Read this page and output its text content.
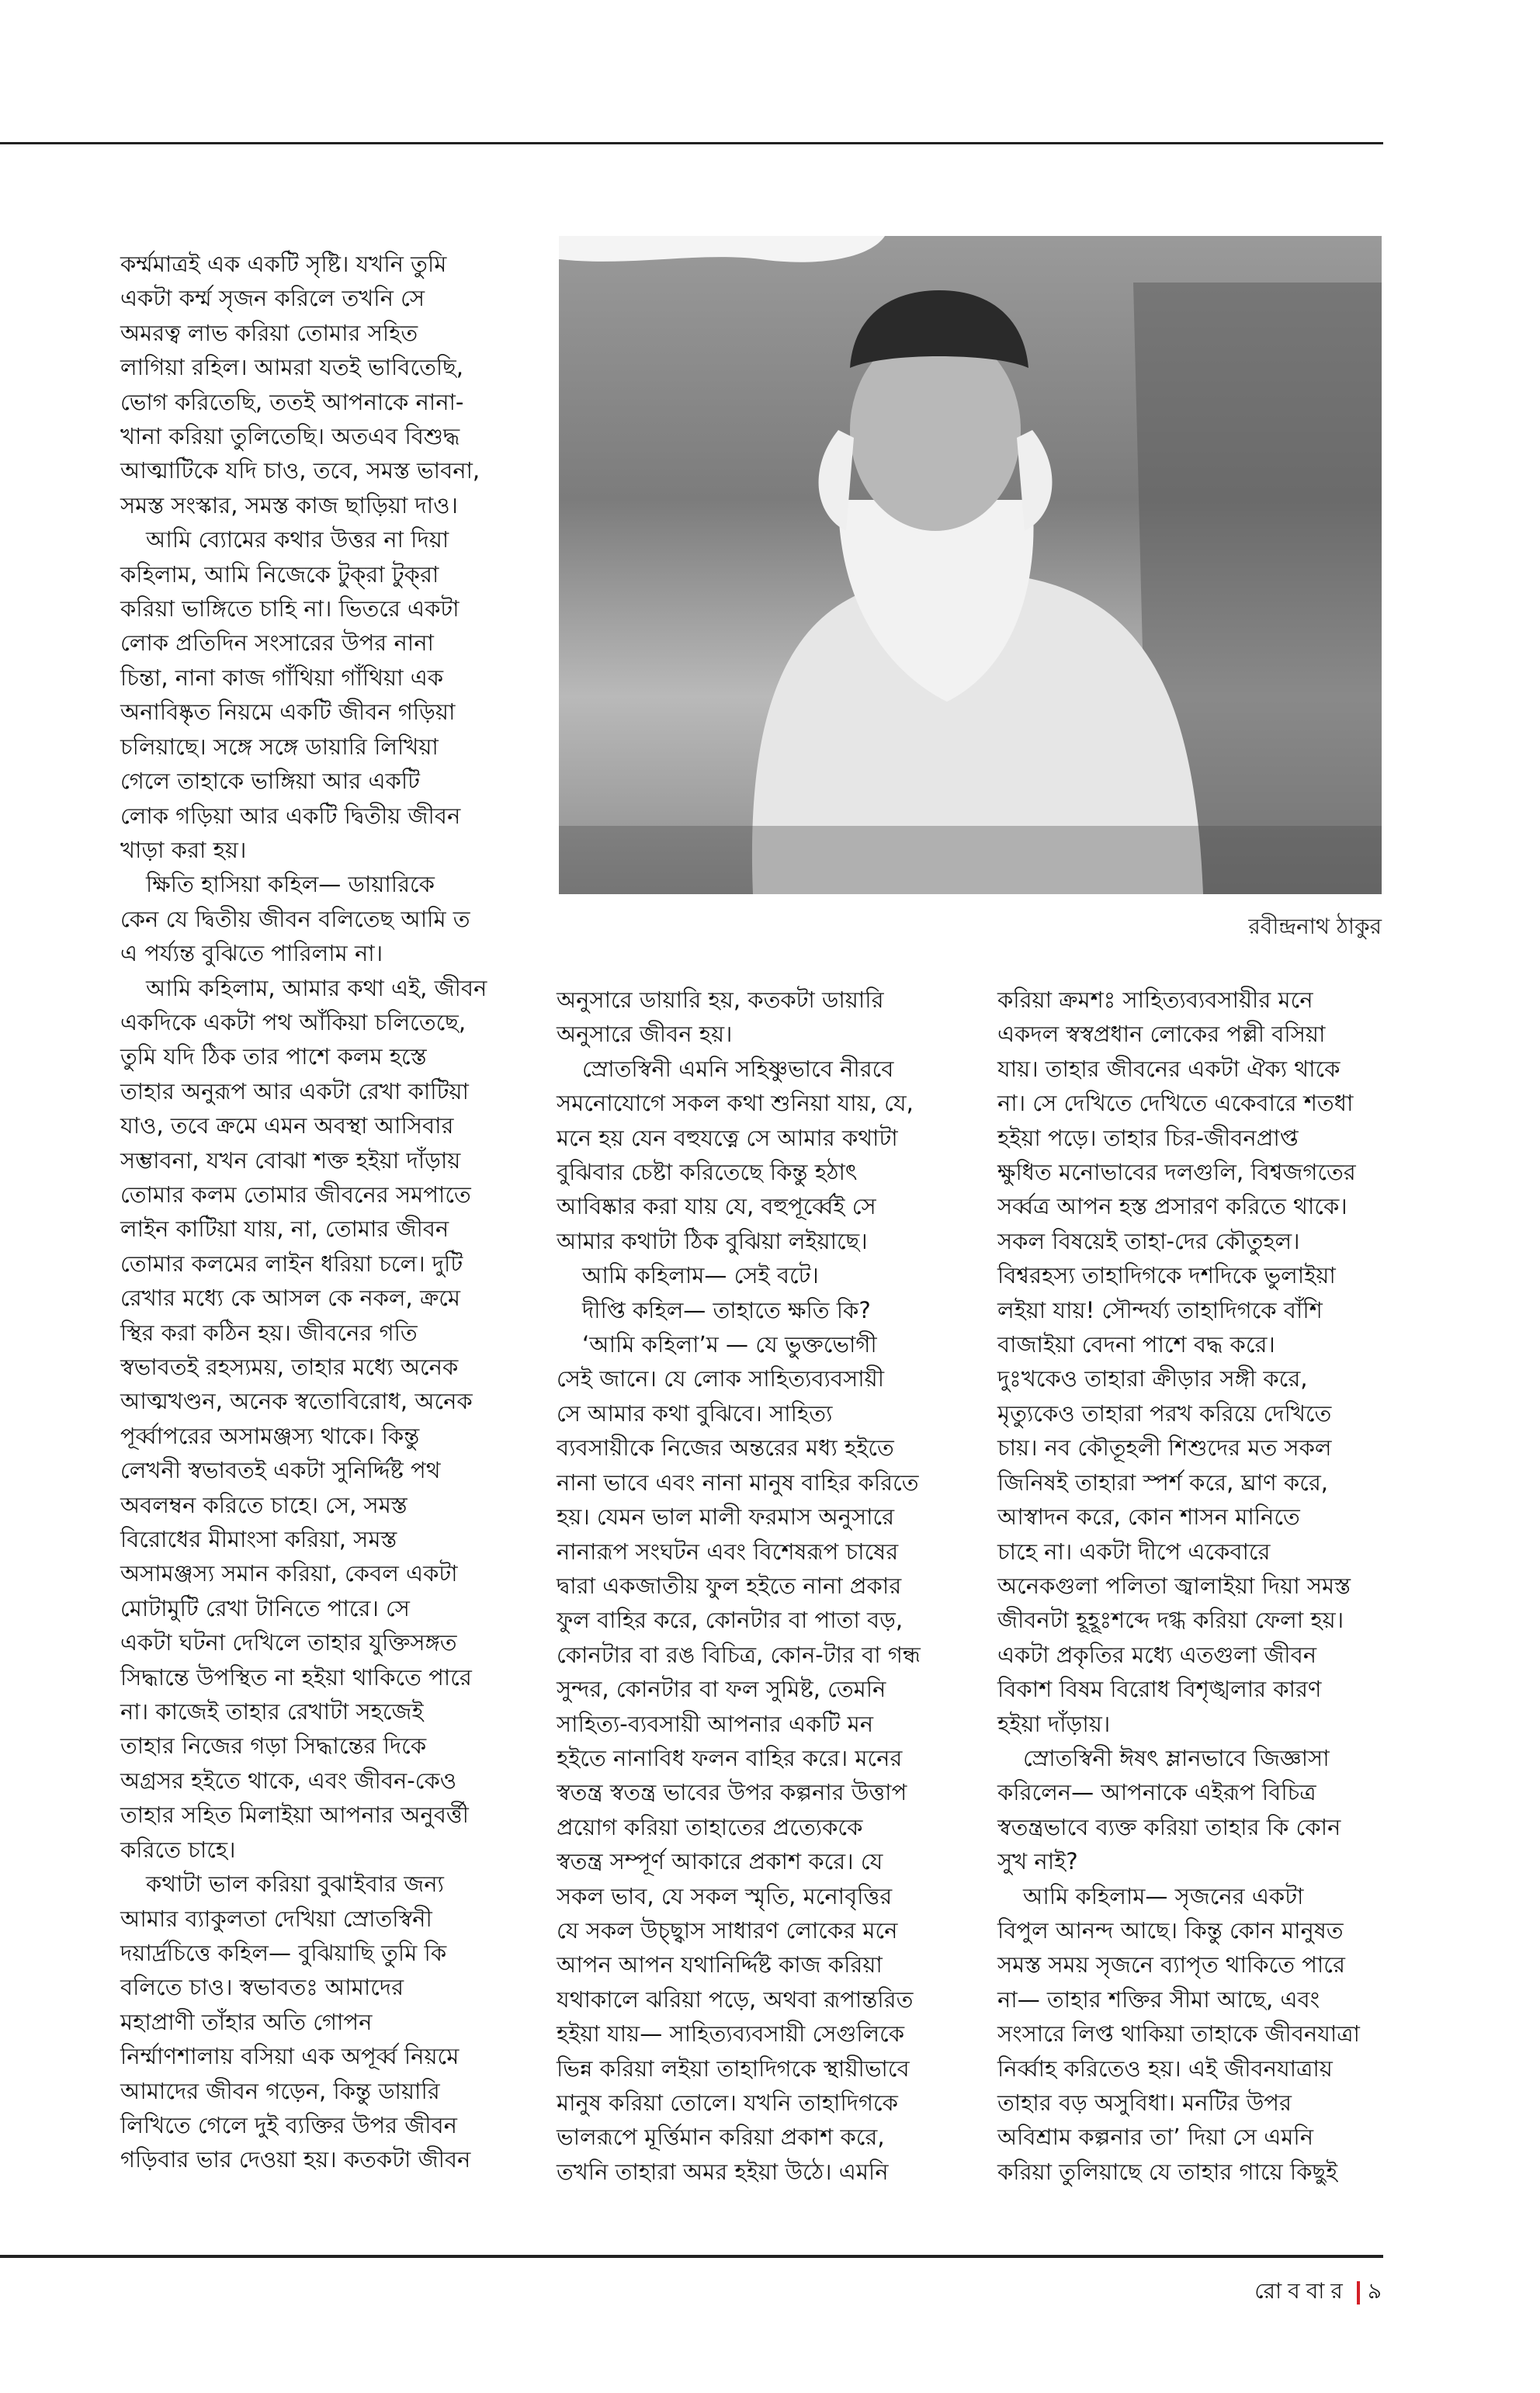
কর্ম্মমাত্রই এক একটি সৃষ্টি। যখনি তুমি
একটা কর্ম্ম সৃজন করিলে তখনি সে
অমরত্ব লাভ করিয়া তোমার সহিত
লাগিয়া রহিল। আমরা যতই ভাবিতেছি,
ভোগ করিতেছি, ততই আপনাকে নানা-
খানা করিয়া তুলিতেছি। অতএব বিশুদ্ধ
আত্মাটিকে যদি চাও, তবে, সমস্ত ভাবনা,
সমস্ত সংস্কার, সমস্ত কাজ ছাড়িয়া দাও।
আমি ব্যোমের কথার উত্তর না দিয়া
কহিলাম, আমি নিজেকে টুক্‌রা টুক্‌রা
করিয়া ভাঙ্গিতে চাহি না। ভিতরে একটা
লোক প্রতিদিন সংসারের উপর নানা
চিন্তা, নানা কাজ গাঁথিয়া গাঁথিয়া এক
অনাবিষ্কৃত নিয়মে একটি জীবন গড়িয়া
চলিয়াছে। সঙ্গে সঙ্গে ডায়ারি লিখিয়া
গেলে তাহাকে ভাঙ্গিয়া আর একটি
লোক গড়িয়া আর একটি দ্বিতীয় জীবন
খাড়া করা হয়।
ক্ষিতি হাসিয়া কহিল— ডায়ারিকে
কেন যে দ্বিতীয় জীবন বলিতেছ আমি ত
এ পর্য্যন্ত বুঝিতে পারিলাম না।
আমি কহিলাম, আমার কথা এই, জীবন
একদিকে একটা পথ আঁকিয়া চলিতেছে,
তুমি যদি ঠিক তার পাশে কলম হস্তে
তাহার অনুরূপ আর একটা রেখা কাটিয়া
যাও, তবে ক্রমে এমন অবস্থা আসিবার
সম্ভাবনা, যখন বোঝা শক্ত হইয়া দাঁড়ায়
তোমার কলম তোমার জীবনের সমপাতে
লাইন কাটিয়া যায়, না, তোমার জীবন
তোমার কলমের লাইন ধরিয়া চলে। দুটি
রেখার মধ্যে কে আসল কে নকল, ক্রমে
স্থির করা কঠিন হয়। জীবনের গতি
স্বভাবতই রহস্যময়, তাহার মধ্যে অনেক
আত্মখণ্ডন, অনেক স্বতোবিরোধ, অনেক
পূর্ব্বাপরের অসামঞ্জস্য থাকে। কিন্তু
লেখনী স্বভাবতই একটা সুনির্দ্দিষ্ট পথ
অবলম্বন করিতে চাহে। সে, সমস্ত
বিরোধের মীমাংসা করিয়া, সমস্ত
অসামঞ্জস্য সমান করিয়া, কেবল একটা
মোটামুটি রেখা টানিতে পারে। সে
একটা ঘটনা দেখিলে তাহার যুক্তিসঙ্গত
সিদ্ধান্তে উপস্থিত না হইয়া থাকিতে পারে
না। কাজেই তাহার রেখাটা সহজেই
তাহার নিজের গড়া সিদ্ধান্তের দিকে
অগ্রসর হইতে থাকে, এবং জীবন-কেও
তাহার সহিত মিলাইয়া আপনার অনুবর্ত্তী
করিতে চাহে।
কথাটা ভাল করিয়া বুঝাইবার জন্য
আমার ব্যাকুলতা দেখিয়া স্রোতস্বিনী
দয়ার্দ্রচিত্তে কহিল— বুঝিয়াছি তুমি কি
বলিতে চাও। স্বভাবতঃ আমাদের
মহাপ্রাণী তাঁহার অতি গোপন
নির্ম্মাণশালায় বসিয়া এক অপূর্ব্ব নিয়মে
আমাদের জীবন গড়েন, কিন্তু ডায়ারি
লিখিতে গেলে দুই ব্যক্তির উপর জীবন
গড়িবার ভার দেওয়া হয়। কতকটা জীবন
রবীন্দ্রনাথ ঠাকুর
অনুসারে ডায়ারি হয়, কতকটা ডায়ারি
অনুসারে জীবন হয়।
স্রোতস্বিনী এমনি সহিষ্ণুভাবে নীরবে
সমনোযোগে সকল কথা শুনিয়া যায়, যে,
মনে হয় যেন বহুযত্নে সে আমার কথাটা
বুঝিবার চেষ্টা করিতেছে কিন্তু হঠাৎ
আবিষ্কার করা যায় যে, বহুপূর্ব্বেই সে
আমার কথাটা ঠিক বুঝিয়া লইয়াছে।
আমি কহিলাম— সেই বটে।
দীপ্তি কহিল— তাহাতে ক্ষতি কি?
‘আমি কহিলা’ম — যে ভুক্তভোগী
সেই জানে। যে লোক সাহিত্যব্যবসায়ী
সে আমার কথা বুঝিবে। সাহিত্য
ব্যবসায়ীকে নিজের অন্তরের মধ্য হইতে
নানা ভাবে এবং নানা মানুষ বাহির করিতে
হয়। যেমন ভাল মালী ফরমাস অনুসারে
নানারূপ সংঘটন এবং বিশেষরূপ চাষের
দ্বারা একজাতীয় ফুল হইতে নানা প্রকার
ফুল বাহির করে, কোনটার বা পাতা বড়,
কোনটার বা রঙ বিচিত্র, কোন-টার বা গন্ধ
সুন্দর, কোনটার বা ফল সুমিষ্ট, তেমনি
সাহিত্য-ব্যবসায়ী আপনার একটি মন
হইতে নানাবিধ ফলন বাহির করে। মনের
স্বতন্ত্র স্বতন্ত্র ভাবের উপর কল্পনার উত্তাপ
প্রয়োগ করিয়া তাহাতের প্রত্যেককে
স্বতন্ত্র সম্পূর্ণ আকারে প্রকাশ করে। যে
সকল ভাব, যে সকল স্মৃতি, মনোবৃত্তির
যে সকল উচ্ছ্বাস সাধারণ লোকের মনে
আপন আপন যথানির্দ্দিষ্ট কাজ করিয়া
যথাকালে ঝরিয়া পড়ে, অথবা রূপান্তরিত
হইয়া যায়— সাহিত্যব্যবসায়ী সেগুলিকে
ভিন্ন করিয়া লইয়া তাহাদিগকে স্থায়ীভাবে
মানুষ করিয়া তোলে। যখনি তাহাদিগকে
ভালরূপে মূর্ত্তিমান করিয়া প্রকাশ করে,
তখনি তাহারা অমর হইয়া উঠে। এমনি
করিয়া ক্রমশঃ সাহিত্যব্যবসায়ীর মনে
একদল স্বস্বপ্রধান লোকের পল্লী বসিয়া
যায়। তাহার জীবনের একটা ঐক্য থাকে
না। সে দেখিতে দেখিতে একেবারে শতধা
হইয়া পড়ে। তাহার চির-জীবনপ্রাপ্ত
ক্ষুধিত মনোভাবের দলগুলি, বিশ্বজগতের
সর্ব্বত্র আপন হস্ত প্রসারণ করিতে থাকে।
সকল বিষয়েই তাহা-দের কৌতুহল।
বিশ্বরহস্য তাহাদিগকে দশদিকে ভুলাইয়া
লইয়া যায়! সৌন্দর্য্য তাহাদিগকে বাঁশি
বাজাইয়া বেদনা পাশে বদ্ধ করে।
দুঃখকেও তাহারা ক্রীড়ার সঙ্গী করে,
মৃত্যুকেও তাহারা পরখ করিয়ে দেখিতে
চায়। নব কৌতূহলী শিশুদের মত সকল
জিনিষই তাহারা স্পর্শ করে, ঘ্রাণ করে,
আস্বাদন করে, কোন শাসন মানিতে
চাহে না। একটা দীপে একেবারে
অনেকগুলা পলিতা জ্বালাইয়া দিয়া সমস্ত
জীবনটা হূহূঃশব্দে দগ্ধ করিয়া ফেলা হয়।
একটা প্রকৃতির মধ্যে এতগুলা জীবন
বিকাশ বিষম বিরোধ বিশৃঙ্খলার কারণ
হইয়া দাঁড়ায়।
স্রোতস্বিনী ঈষৎ ম্লানভাবে জিজ্ঞাসা
করিলেন— আপনাকে এইরূপ বিচিত্র
স্বতন্ত্রভাবে ব্যক্ত করিয়া তাহার কি কোন
সুখ নাই?
আমি কহিলাম— সৃজনের একটা
বিপুল আনন্দ আছে। কিন্তু কোন মানুষত
সমস্ত সময় সৃজনে ব্যাপৃত থাকিতে পারে
না— তাহার শক্তির সীমা আছে, এবং
সংসারে লিপ্ত থাকিয়া তাহাকে জীবনযাত্রা
নির্ব্বাহ করিতেও হয়। এই জীবনযাত্রায়
তাহার বড় অসুবিধা। মনটির উপর
অবিশ্রাম কল্পনার তা’ দিয়া সে এমনি
করিয়া তুলিয়াছে যে তাহার গায়ে কিছুই
রোববার ৯
